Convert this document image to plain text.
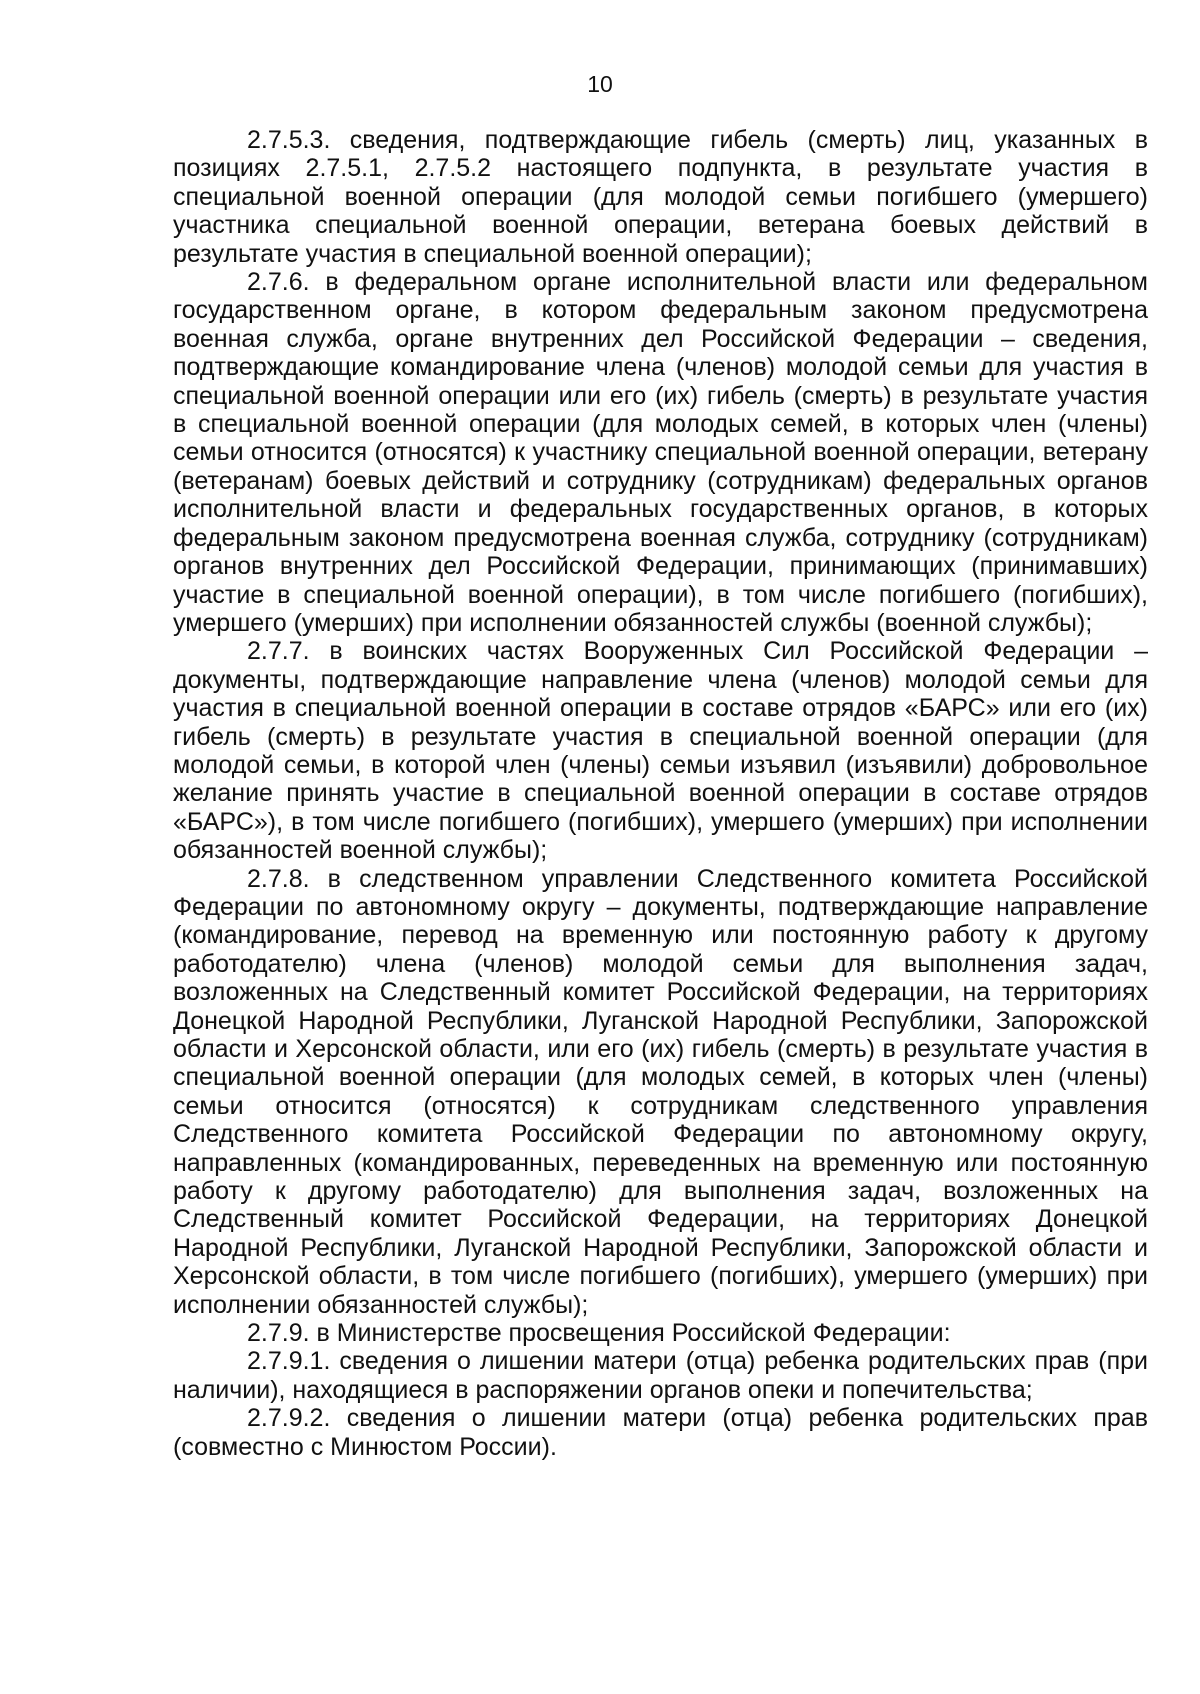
10

2.7.5.3. сведения, подтверждающие гибель (смерть) лиц, указанных в позициях 2.7.5.1, 2.7.5.2 настоящего подпункта, в результате участия в специальной военной операции (для молодой семьи погибшего (умершего) участника специальной военной операции, ветерана боевых действий в результате участия в специальной военной операции);

2.7.6. в федеральном органе исполнительной власти или федеральном государственном органе, в котором федеральным законом предусмотрена военная служба, органе внутренних дел Российской Федерации – сведения, подтверждающие командирование члена (членов) молодой семьи для участия в специальной военной операции или его (их) гибель (смерть) в результате участия в специальной военной операции (для молодых семей, в которых член (члены) семьи относится (относятся) к участнику специальной военной операции, ветерану (ветеранам) боевых действий и сотруднику (сотрудникам) федеральных органов исполнительной власти и федеральных государственных органов, в которых федеральным законом предусмотрена военная служба, сотруднику (сотрудникам) органов внутренних дел Российской Федерации, принимающих (принимавших) участие в специальной военной операции), в том числе погибшего (погибших), умершего (умерших) при исполнении обязанностей службы (военной службы);

2.7.7. в воинских частях Вооруженных Сил Российской Федерации – документы, подтверждающие направление члена (членов) молодой семьи для участия в специальной военной операции в составе отрядов «БАРС» или его (их) гибель (смерть) в результате участия в специальной военной операции (для молодой семьи, в которой член (члены) семьи изъявил (изъявили) добровольное желание принять участие в специальной военной операции в составе отрядов «БАРС»), в том числе погибшего (погибших), умершего (умерших) при исполнении обязанностей военной службы);

2.7.8. в следственном управлении Следственного комитета Российской Федерации по автономному округу – документы, подтверждающие направление (командирование, перевод на временную или постоянную работу к другому работодателю) члена (членов) молодой семьи для выполнения задач, возложенных на Следственный комитет Российской Федерации, на территориях Донецкой Народной Республики, Луганской Народной Республики, Запорожской области и Херсонской области, или его (их) гибель (смерть) в результате участия в специальной военной операции (для молодых семей, в которых член (члены) семьи относится (относятся) к сотрудникам следственного управления Следственного комитета Российской Федерации по автономному округу, направленных (командированных, переведенных на временную или постоянную работу к другому работодателю) для выполнения задач, возложенных на Следственный комитет Российской Федерации, на территориях Донецкой Народной Республики, Луганской Народной Республики, Запорожской области и Херсонской области, в том числе погибшего (погибших), умершего (умерших) при исполнении обязанностей службы);

2.7.9. в Министерстве просвещения Российской Федерации:

2.7.9.1. сведения о лишении матери (отца) ребенка родительских прав (при наличии), находящиеся в распоряжении органов опеки и попечительства;

2.7.9.2. сведения о лишении матери (отца) ребенка родительских прав (совместно с Минюстом России).
